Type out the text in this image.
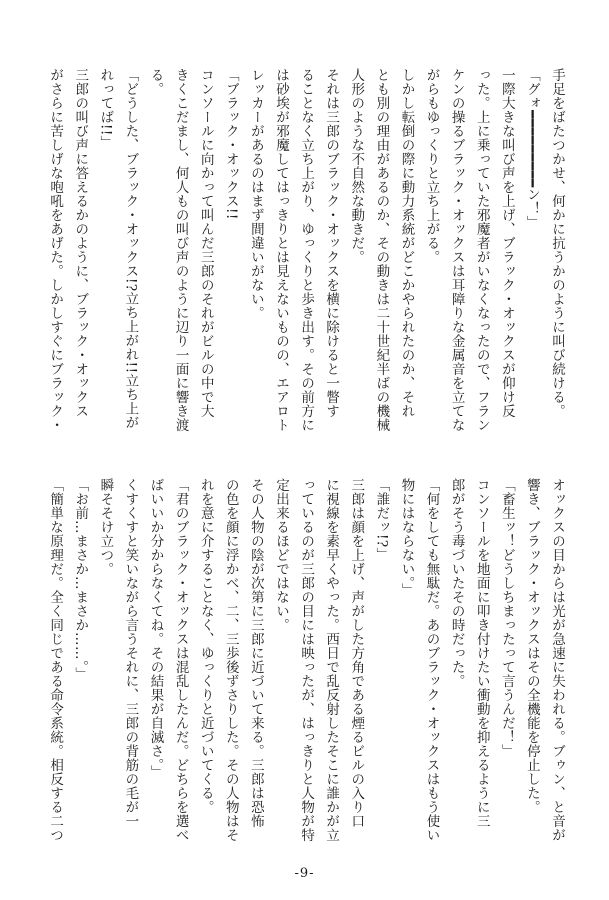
手足をばたつかせ、何かに抗うかのように叫び続ける。
「グォ━━━━━━━━━ン！」
一際大きな叫び声を上げ、ブラック・オックスが仰け反
った。上に乗っていた邪魔者がいなくなったので、フラン
ケンの操るブラック・オックスは耳障りな金属音を立てな
がらもゆっくりと立ち上がる。
しかし転倒の際に動力系統がどこかやられたのか、それ
とも別の理由があるのか、その動きは二十世紀半ばの機械
人形のような不自然な動きだ。
それは三郎のブラック・オックスを横に除けると一瞥す
ることなく立ち上がり、ゆっくりと歩き出す。その前方に
は砂埃が邪魔してはっきりとは見えないものの、エアロト
レッカーがあるのはまず間違いがない。
「ブラック・オックス!!
コンソールに向かって叫んだ三郎のそれがビルの中で大
きくこだまし、何人もの叫び声のように辺り一面に響き渡
る。
「どうした、ブラック・オックス!?立ち上がれ!!立ち上が
れってば!!」
三郎の叫び声に答えるかのように、ブラック・オックス
がさらに苦しげな咆吼をあげた。しかしすぐにブラック・
オックスの目からは光が急速に失われる。ブゥン、と音が
響き、ブラック・オックスはその全機能を停止した。
「畜生ッ！どうしちまったって言うんだ！」
コンソールを地面に叩き付けたい衝動を抑えるように三
郎がそう毒づいたその時だった。
「何をしても無駄だ。あのブラック・オックスはもう使い
物にはならない。」
「誰だッ!?」
三郎は顔を上げ、声がした方角である煙るビルの入り口
に視線を素早くやった。西日で乱反射したそこに誰かが立
っているのが三郎の目には映ったが、はっきりと人物が特
定出来るほどではない。
その人物の陰が次第に三郎に近づいて来る。三郎は恐怖
の色を顔に浮かべ、二、三歩後ずさりした。その人物はそ
れを意に介することなく、ゆっくりと近づいてくる。
「君のブラック・オックスは混乱したんだ。どちらを選べ
ばいいか分からなくてね。その結果が自滅さ。」
くすくすと笑いながら言うそれに、三郎の背筋の毛が一
瞬そそけ立つ。
「お前…まさか…まさか……。」
「簡単な原理だ。全く同じである命令系統。相反する二つ
-9-
